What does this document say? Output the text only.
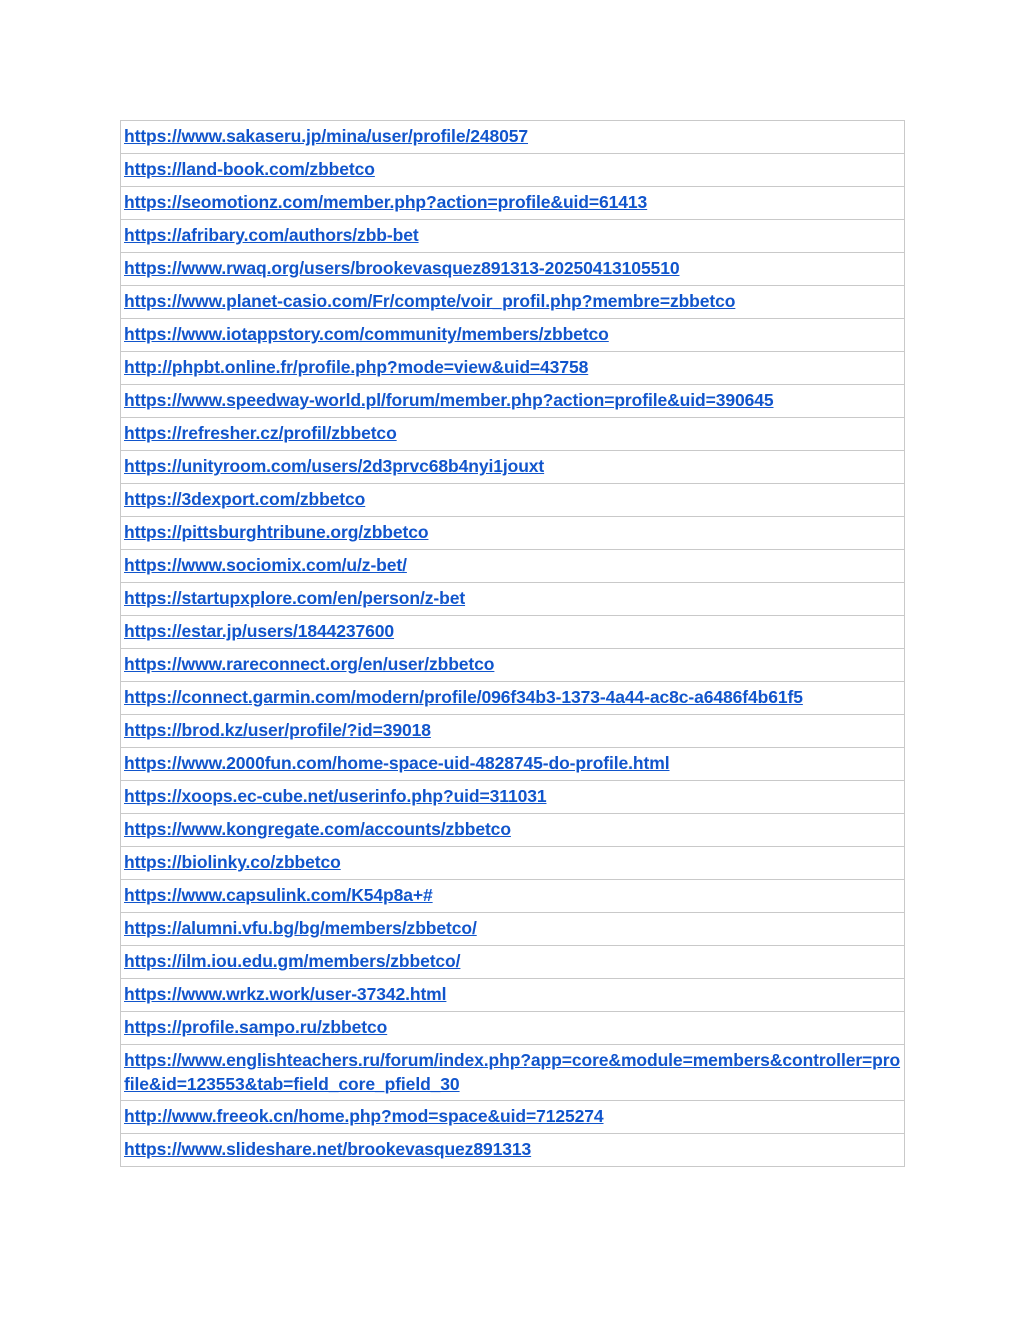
https://www.sakaseru.jp/mina/user/profile/248057
https://land-book.com/zbbetco
https://seomotionz.com/member.php?action=profile&uid=61413
https://afribary.com/authors/zbb-bet
https://www.rwaq.org/users/brookevasquez891313-20250413105510
https://www.planet-casio.com/Fr/compte/voir_profil.php?membre=zbbetco
https://www.iotappstory.com/community/members/zbbetco
http://phpbt.online.fr/profile.php?mode=view&uid=43758
https://www.speedway-world.pl/forum/member.php?action=profile&uid=390645
https://refresher.cz/profil/zbbetco
https://unityroom.com/users/2d3prvc68b4nyi1jouxt
https://3dexport.com/zbbetco
https://pittsburghtribune.org/zbbetco
https://www.sociomix.com/u/z-bet/
https://startupxplore.com/en/person/z-bet
https://estar.jp/users/1844237600
https://www.rareconnect.org/en/user/zbbetco
https://connect.garmin.com/modern/profile/096f34b3-1373-4a44-ac8c-a6486f4b61f5
https://brod.kz/user/profile/?id=39018
https://www.2000fun.com/home-space-uid-4828745-do-profile.html
https://xoops.ec-cube.net/userinfo.php?uid=311031
https://www.kongregate.com/accounts/zbbetco
https://biolinky.co/zbbetco
https://www.capsulink.com/K54p8a+#
https://alumni.vfu.bg/bg/members/zbbetco/
https://ilm.iou.edu.gm/members/zbbetco/
https://www.wrkz.work/user-37342.html
https://profile.sampo.ru/zbbetco
https://www.englishteachers.ru/forum/index.php?app=core&module=members&controller=profile&id=123553&tab=field_core_pfield_30
http://www.freeok.cn/home.php?mod=space&uid=7125274
https://www.slideshare.net/brookevasquez891313
